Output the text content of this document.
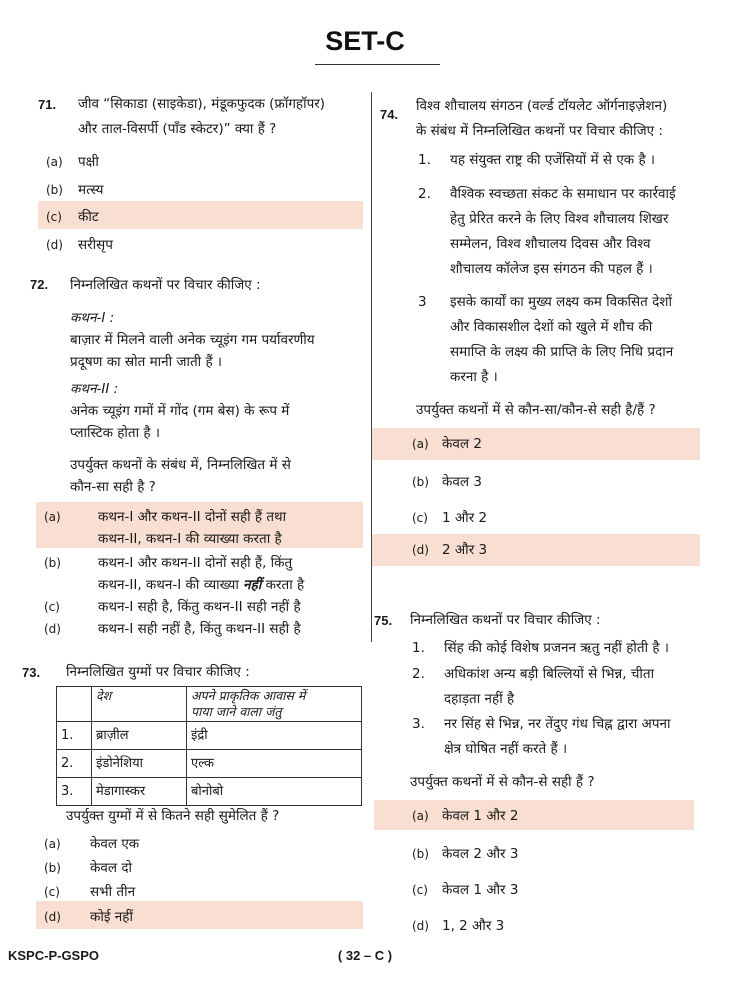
SET-C
71. जीव “सिकाडा (साइकेडा), मंडूकफुदक (फ्रॉगहॉपर)

और ताल-विसर्पी (पॉंड स्केटर)” क्या हैं ?

(a) पक्षी
(b) मत्स्य
(c) कीट
(d) सरीसृप
72. निम्नलिखित कथनों पर विचार कीजिए :

कथन-I :

बाज़ार में मिलने वाली अनेक च्यूइंग गम पर्यावरणीय

प्रदूषण का स्रोत मानी जाती हैं ।

कथन-II :

अनेक च्यूइंग गमों में गोंद (गम बेस) के रूप में

प्लास्टिक होता है ।

उपर्युक्त कथनों के संबंध में, निम्नलिखित में से

कौन-सा सही है ?

(a)	कथन-I और कथन-II दोनों सही हैं तथा
कथन-II, कथन-I की व्याख्या करता है
(b)	कथन-I और कथन-II दोनों सही हैं, किंतु
कथन-II, कथन-I की व्याख्या नहीं करता है
(c)	कथन-I सही है, किंतु कथन-II सही नहीं है
(d)	कथन-I सही नहीं है, किंतु कथन-II सही है
73. निम्नलिखित युग्मों पर विचार कीजिए :

	देश	अपने प्राकृतिक आवास में
पाया जाने वाला जंतु
1.	ब्राज़ील	इंद्री
2.	इंडोनेशिया	एल्क
3.	मेडागास्कर	बोनोबो

उपर्युक्त युग्मों में से कितने सही सुमेलित हैं ?

(a) केवल एक
(b) केवल दो
(c) सभी तीन
(d) कोई नहीं
74.

विश्व शौचालय संगठन (वर्ल्ड टॉयलेट ऑर्गनाइज़ेशन)

के संबंध में निम्नलिखित कथनों पर विचार कीजिए :

1. यह संयुक्त राष्ट्र की एजेंसियों में से एक है ।
2. वैश्विक स्वच्छता संकट के समाधान पर कार्रवाई
हेतु प्रेरित करने के लिए विश्व शौचालय शिखर
सम्मेलन, विश्व शौचालय दिवस और विश्व
शौचालय कॉलेज इस संगठन की पहल हैं ।
3 इसके कार्यों का मुख्य लक्ष्य कम विकसित देशों
और विकासशील देशों को खुले में शौच की
समाप्ति के लक्ष्य की प्राप्ति के लिए निधि प्रदान
करना है ।

उपर्युक्त कथनों में से कौन-सा/कौन-से सही है/हैं ?

(a) केवल 2
(b) केवल 3
(c) 1 और 2
(d) 2 और 3
75. निम्नलिखित कथनों पर विचार कीजिए :

1. सिंह की कोई विशेष प्रजनन ऋतु नहीं होती है ।
2. अधिकांश अन्य बड़ी बिल्लियों से भिन्न, चीता
दहाड़ता नहीं है
3. नर सिंह से भिन्न, नर तेंदुए गंध चिह्न द्वारा अपना
क्षेत्र घोषित नहीं करते हैं ।

उपर्युक्त कथनों में से कौन-से सही हैं ?

(a) केवल 1 और 2
(b) केवल 2 और 3
(c) केवल 1 और 3
(d) 1, 2 और 3
KSPC-P-GSPO	( 32 – C )
